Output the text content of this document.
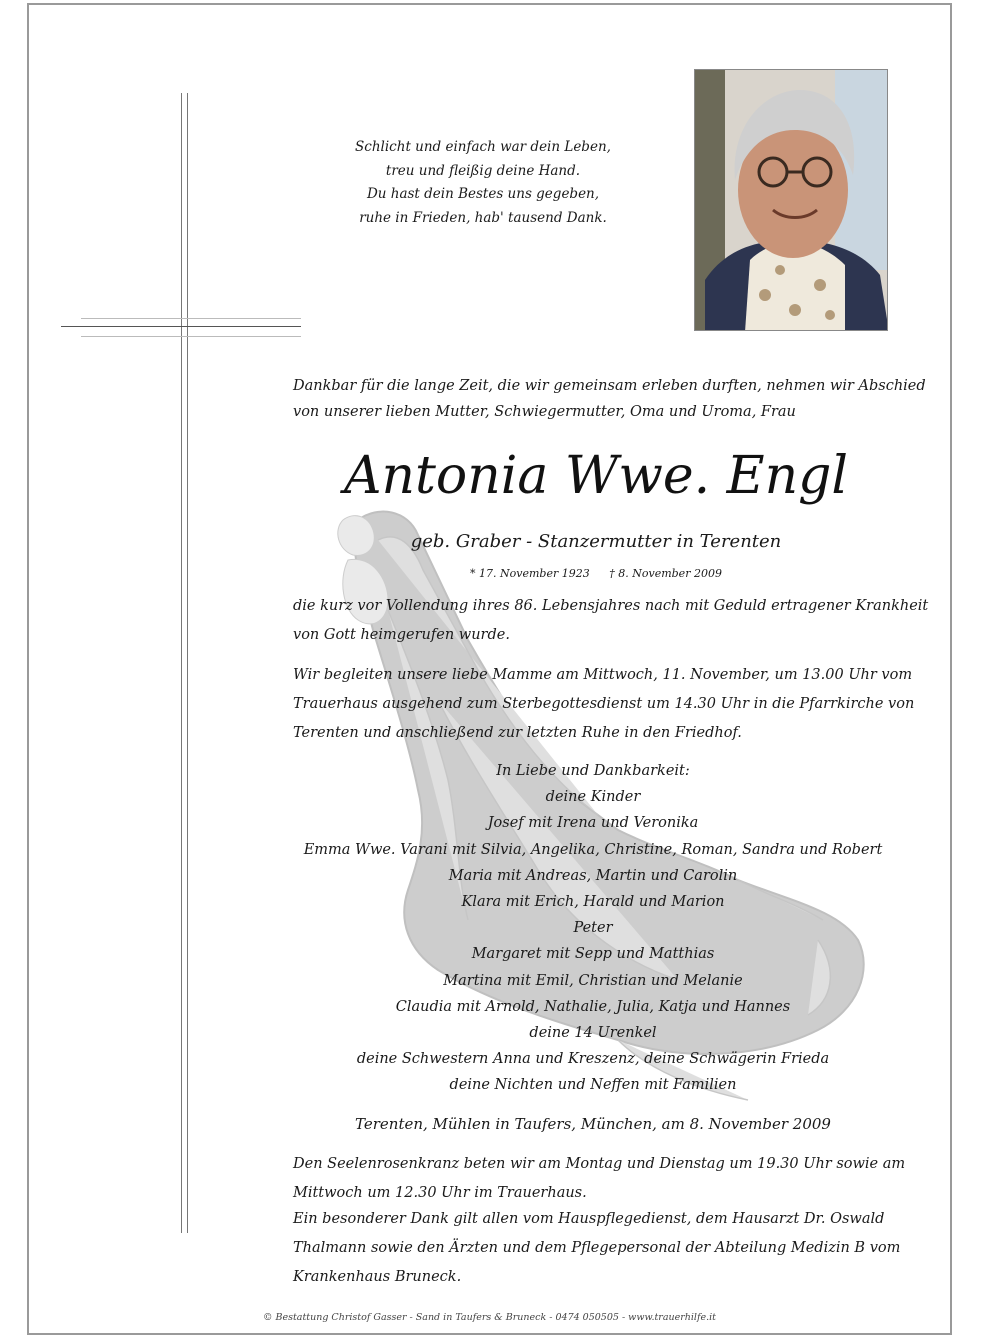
Schlicht und einfach war dein Leben,
treu und fleißig deine Hand.
Du hast dein Bestes uns gegeben,
ruhe in Frieden, hab' tausend Dank.
Dankbar für die lange Zeit, die wir gemeinsam erleben durften, nehmen wir Abschied
von unserer lieben Mutter, Schwiegermutter, Oma und Uroma, Frau
Antonia Wwe. Engl
geb. Graber - Stanzermutter in Terenten
* 17. November 1923 † 8. November 2009
die kurz vor Vollendung ihres 86. Lebensjahres nach mit Geduld ertragener Krankheit
von Gott heimgerufen wurde.
Wir begleiten unsere liebe Mamme am Mittwoch, 11. November, um 13.00 Uhr vom
Trauerhaus ausgehend zum Sterbegottesdienst um 14.30 Uhr in die Pfarrkirche von
Terenten und anschließend zur letzten Ruhe in den Friedhof.
In Liebe und Dankbarkeit:
deine Kinder
Josef mit Irena und Veronika
Emma Wwe. Varani mit Silvia, Angelika, Christine, Roman, Sandra und Robert
Maria mit Andreas, Martin und Carolin
Klara mit Erich, Harald und Marion
Peter
Margaret mit Sepp und Matthias
Martina mit Emil, Christian und Melanie
Claudia mit Arnold, Nathalie, Julia, Katja und Hannes
deine 14 Urenkel
deine Schwestern Anna und Kreszenz, deine Schwägerin Frieda
deine Nichten und Neffen mit Familien
Terenten, Mühlen in Taufers, München, am 8. November 2009
Den Seelenrosenkranz beten wir am Montag und Dienstag um 19.30 Uhr sowie am
Mittwoch um 12.30 Uhr im Trauerhaus.
Ein besonderer Dank gilt allen vom Hauspflegedienst, dem Hausarzt Dr. Oswald
Thalmann sowie den Ärzten und dem Pflegepersonal der Abteilung Medizin B vom
Krankenhaus Bruneck.
© Bestattung Christof Gasser - Sand in Taufers & Bruneck - 0474 050505 - www.trauerhilfe.it
